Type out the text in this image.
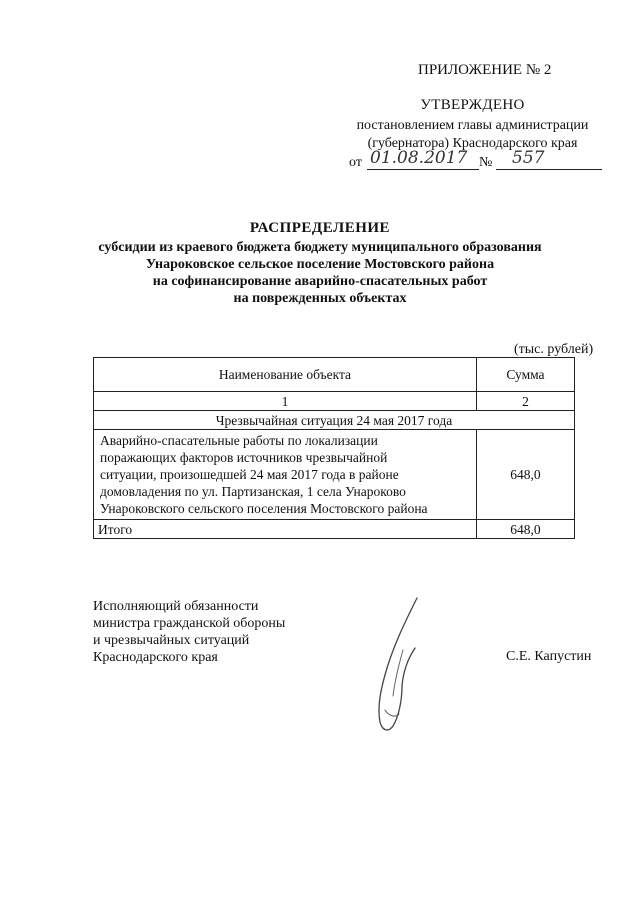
ПРИЛОЖЕНИЕ № 2
УТВЕРЖДЕНО
постановлением главы администрации
(губернатора) Краснодарского края
от 01.08.2017 № 557
РАСПРЕДЕЛЕНИЕ
субсидии из краевого бюджета бюджету муниципального образования
Унароковское сельское поселение Мостовского района
на софинансирование аварийно-спасательных работ
на поврежденных объектах
(тыс. рублей)
Наименование объекта	Сумма
1	2
Чрезвычайная ситуация 24 мая 2017 года	

Аварийно-спасательные работы по локализации
поражающих факторов источников чрезвычайной
ситуации, произошедшей 24 мая 2017 года в районе
домовладения по ул. Партизанская, 1 села Унароково
Унароковского сельского поселения Мостовского района	648,0
Итого	648,0
Исполняющий обязанности
министра гражданской обороны
и чрезвычайных ситуаций
Краснодарского края	С.Е. Капустин
